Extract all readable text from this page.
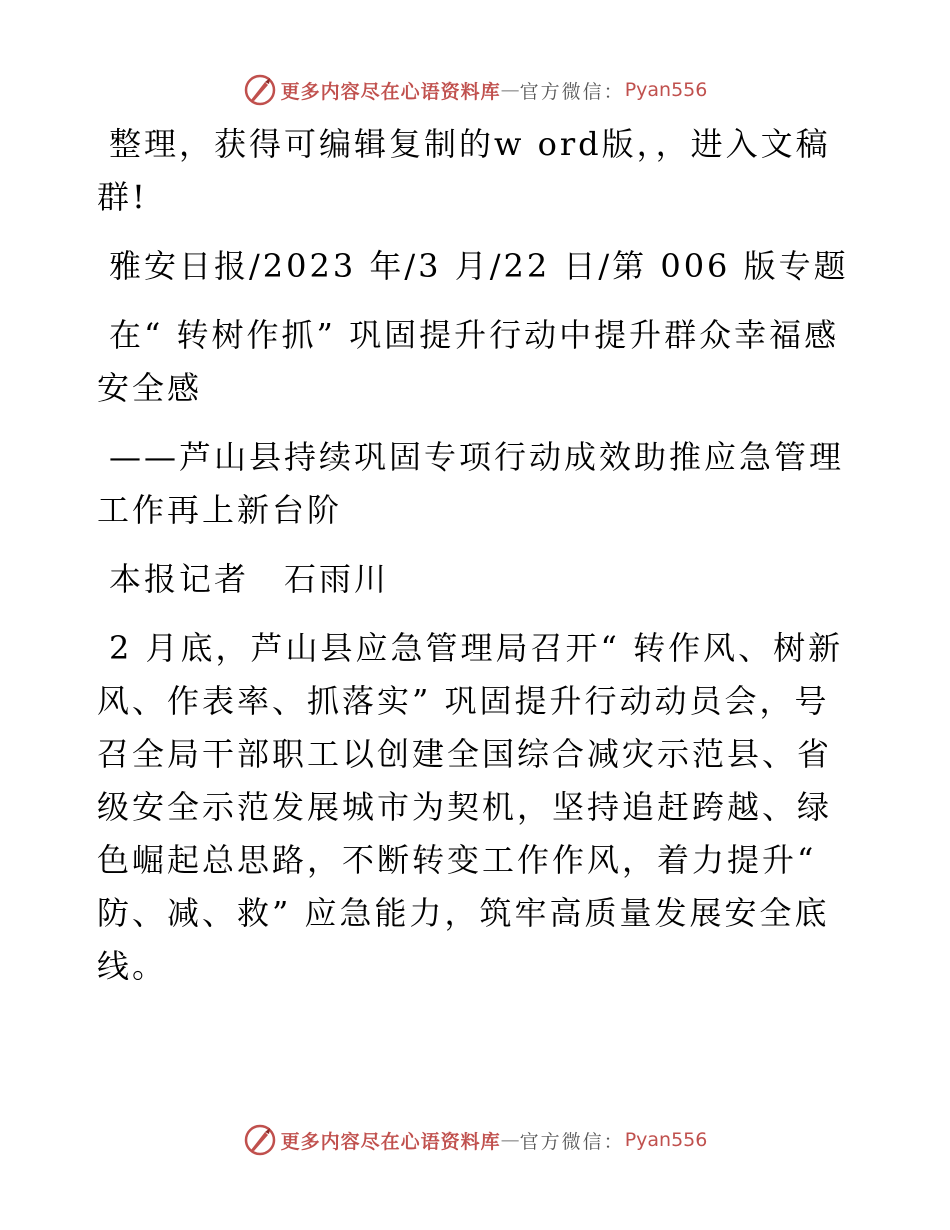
更多内容尽在心语资料库 — 官方微信： Pyan556

整理，获得可编辑复制的w ord版，，进入文稿群!

雅安日报/2023 年/3 月/22 日/第 006 版专题

在“ 转树作抓” 巩固提升行动中提升群众幸福感安全感

——芦山县持续巩固专项行动成效助推应急管理工作再上新台阶

本报记者　石雨川

2 月底，芦山县应急管理局召开“ 转作风、树新风、作表率、抓落实” 巩固提升行动动员会，号召全局干部职工以创建全国综合减灾示范县、省级安全示范发展城市为契机，坚持追赶跨越、绿色崛起总思路，不断转变工作作风，着力提升“ 防、减、救” 应急能力，筑牢高质量发展安全底线。

更多内容尽在心语资料库 — 官方微信： Pyan556
